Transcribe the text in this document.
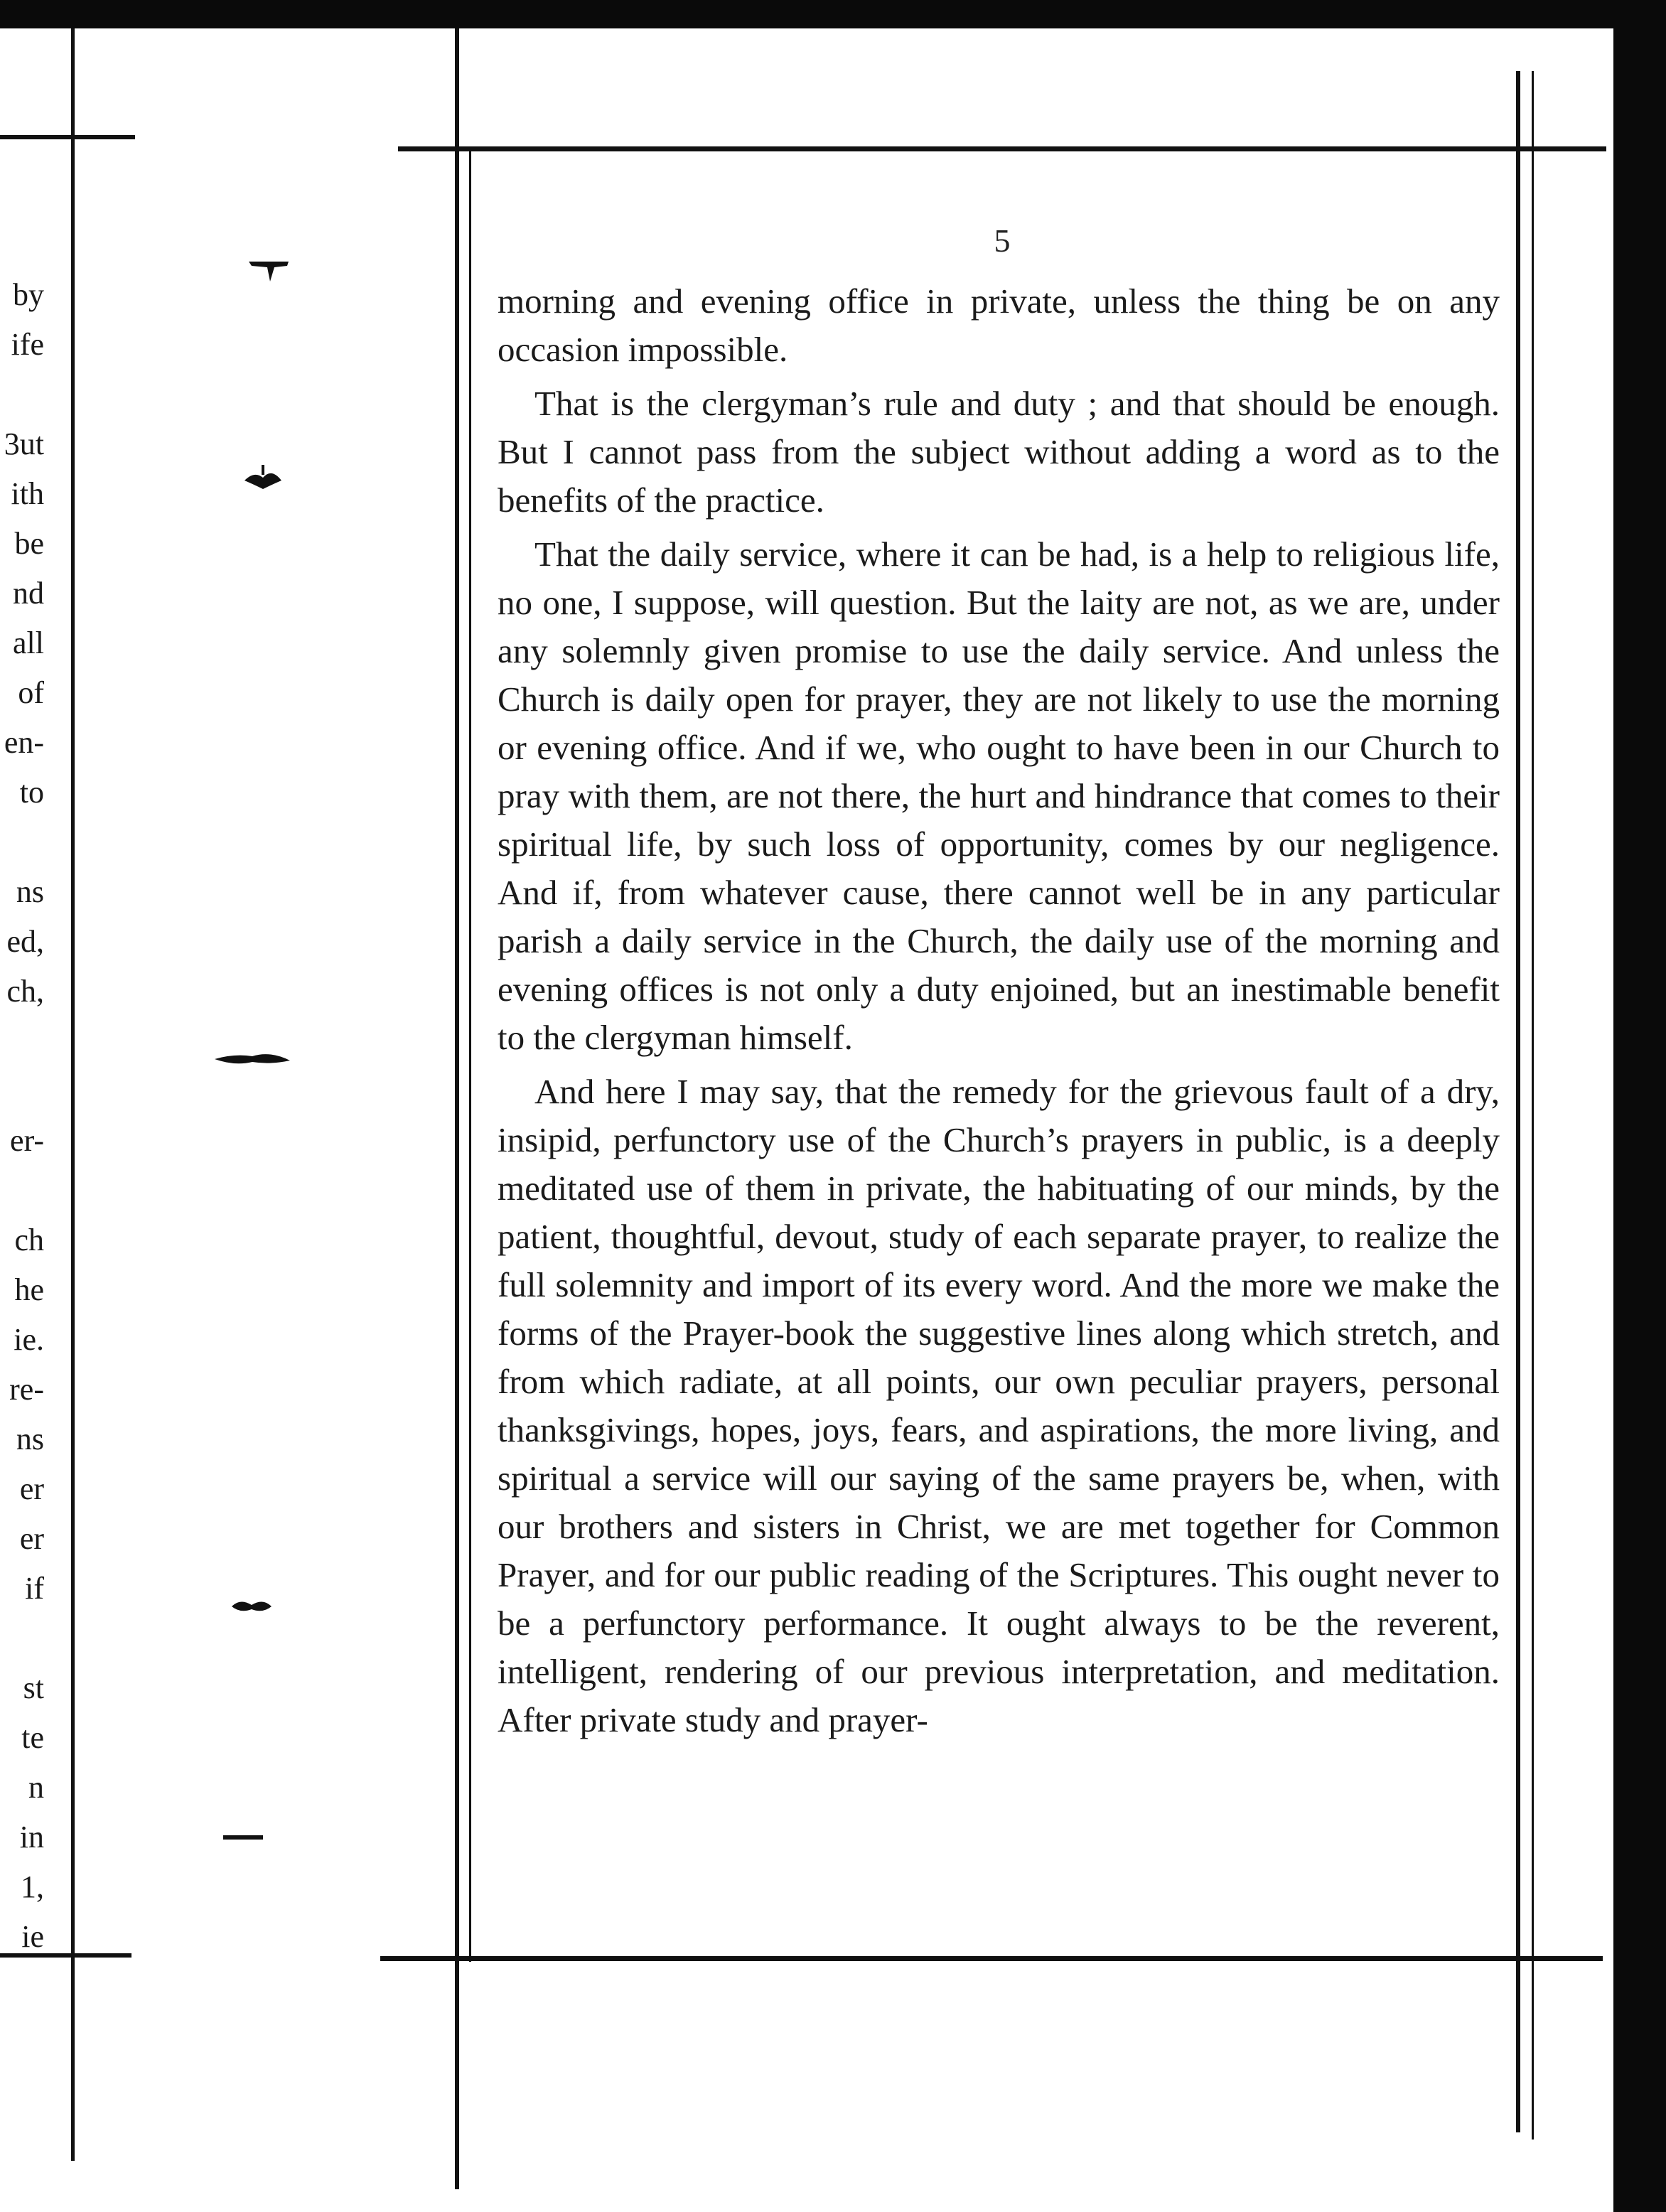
by
ife
3ut
ith
be
nd
all
of
en-
to
ns
ed,
ch,
er-
ch
he
ie.
re-
ns
er
er
if
st
te
n
in
1,
ie
5

morning and evening office in private, unless the thing be on any occasion impossible.

That is the clergyman’s rule and duty ; and that should be enough. But I cannot pass from the subject without adding a word as to the benefits of the practice.

That the daily service, where it can be had, is a help to religious life, no one, I suppose, will question. But the laity are not, as we are, under any solemnly given promise to use the daily service. And unless the Church is daily open for prayer, they are not likely to use the morning or evening office. And if we, who ought to have been in our Church to pray with them, are not there, the hurt and hindrance that comes to their spiritual life, by such loss of opportunity, comes by our negligence. And if, from whatever cause, there cannot well be in any particular parish a daily service in the Church, the daily use of the morning and evening offices is not only a duty enjoined, but an inestimable benefit to the clergyman himself.

And here I may say, that the remedy for the grievous fault of a dry, insipid, perfunctory use of the Church’s prayers in public, is a deeply meditated use of them in private, the habituating of our minds, by the patient, thoughtful, devout, study of each separate prayer, to realize the full solemnity and import of its every word. And the more we make the forms of the Prayer-book the suggestive lines along which stretch, and from which radiate, at all points, our own peculiar prayers, personal thanksgivings, hopes, joys, fears, and aspirations, the more living, and spiritual a service will our saying of the same prayers be, when, with our brothers and sisters in Christ, we are met together for Common Prayer, and for our public reading of the Scriptures. This ought never to be a perfunctory performance. It ought always to be the reverent, intelligent, rendering of our previous interpretation, and meditation. After private study and prayer-
